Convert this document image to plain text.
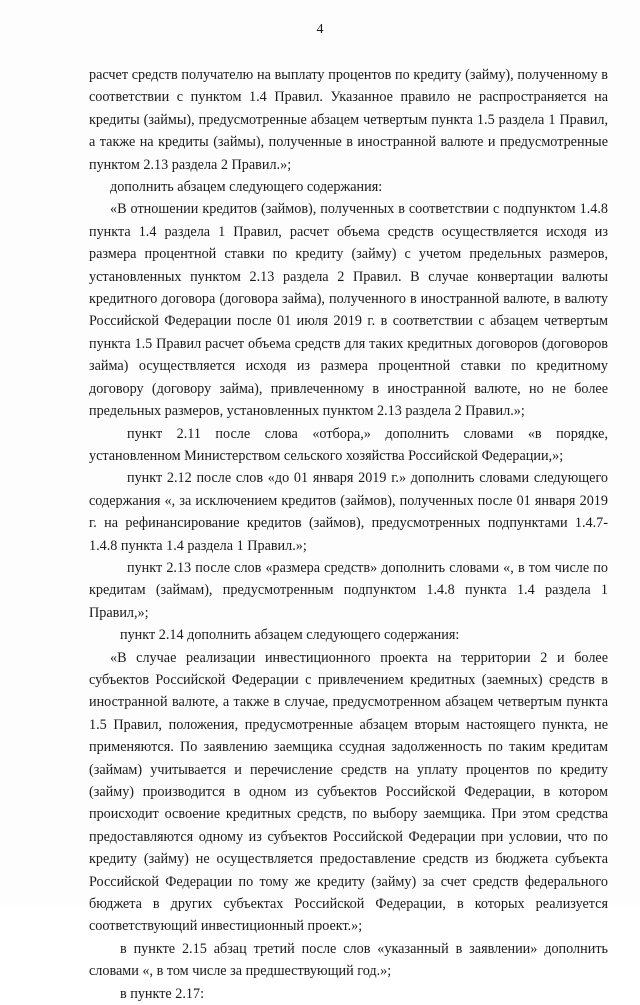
4

расчет средств получателю на выплату процентов по кредиту (займу), полученному в соответствии с пунктом 1.4 Правил. Указанное правило не распространяется на кредиты (займы), предусмотренные абзацем четвертым пункта 1.5 раздела 1 Правил, а также на кредиты (займы), полученные в иностранной валюте и предусмотренные пунктом 2.13 раздела 2 Правил.»;

дополнить абзацем следующего содержания:

«В отношении кредитов (займов), полученных в соответствии с подпунктом 1.4.8 пункта 1.4 раздела 1 Правил, расчет объема средств осуществляется исходя из размера процентной ставки по кредиту (займу) с учетом предельных размеров, установленных пунктом 2.13 раздела 2 Правил. В случае конвертации валюты кредитного договора (договора займа), полученного в иностранной валюте, в валюту Российской Федерации после 01 июля 2019 г. в соответствии с абзацем четвертым пункта 1.5 Правил расчет объема средств для таких кредитных договоров (договоров займа) осуществляется исходя из размера процентной ставки по кредитному договору (договору займа), привлеченному в иностранной валюте, но не более предельных размеров, установленных пунктом 2.13 раздела 2 Правил.»;

пункт 2.11 после слова «отбора,» дополнить словами «в порядке, установленном Министерством сельского хозяйства Российской Федерации,»;

пункт 2.12 после слов «до 01 января 2019 г.» дополнить словами следующего содержания «, за исключением кредитов (займов), полученных после 01 января 2019 г. на рефинансирование кредитов (займов), предусмотренных подпунктами 1.4.7-1.4.8 пункта 1.4 раздела 1 Правил.»;

пункт 2.13 после слов «размера средств» дополнить словами «, в том числе по кредитам (займам), предусмотренным подпунктом 1.4.8 пункта 1.4 раздела 1 Правил,»;

пункт 2.14 дополнить абзацем следующего содержания:

«В случае реализации инвестиционного проекта на территории 2 и более субъектов Российской Федерации с привлечением кредитных (заемных) средств в иностранной валюте, а также в случае, предусмотренном абзацем четвертым пункта 1.5 Правил, положения, предусмотренные абзацем вторым настоящего пункта, не применяются. По заявлению заемщика ссудная задолженность по таким кредитам (займам) учитывается и перечисление средств на уплату процентов по кредиту (займу) производится в одном из субъектов Российской Федерации, в котором происходит освоение кредитных средств, по выбору заемщика. При этом средства предоставляются одному из субъектов Российской Федерации при условии, что по кредиту (займу) не осуществляется предоставление средств из бюджета субъекта Российской Федерации по тому же кредиту (займу) за счет средств федерального бюджета в других субъектах Российской Федерации, в которых реализуется соответствующий инвестиционный проект.»;

в пункте 2.15 абзац третий после слов «указанный в заявлении» дополнить словами «, в том числе за предшествующий год.»;

в пункте 2.17:
